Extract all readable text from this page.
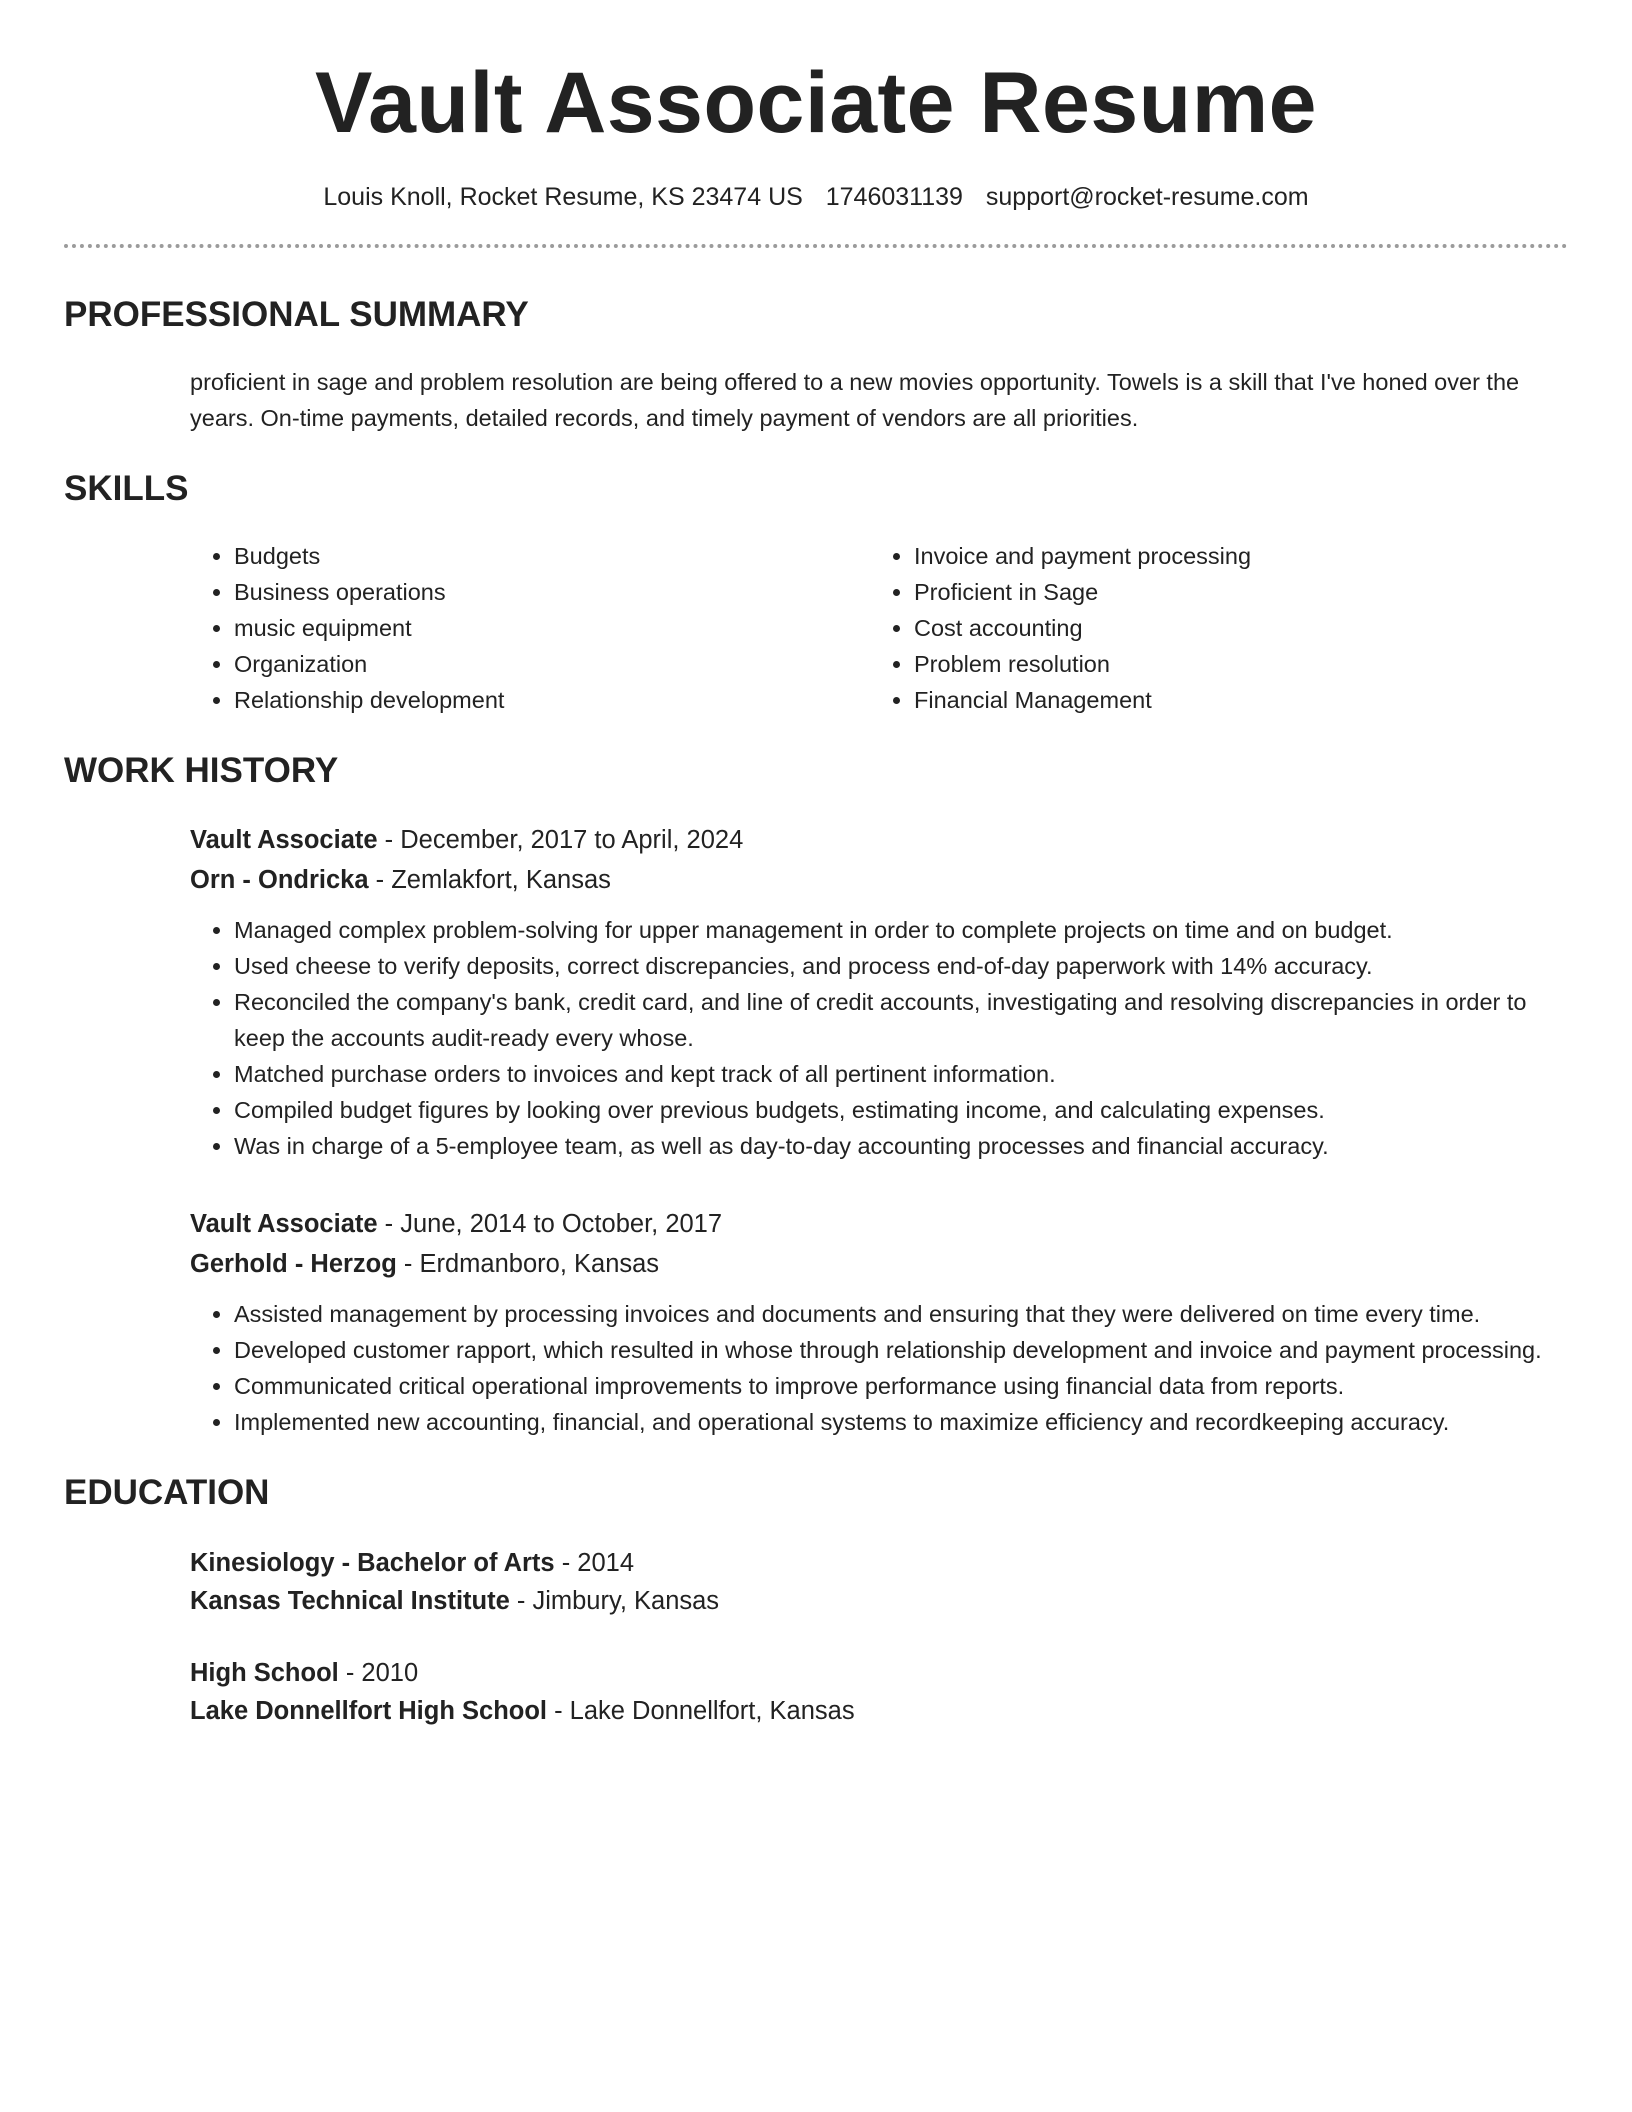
Vault Associate Resume
Louis Knoll, Rocket Resume, KS 23474 US 1746031139 support@rocket-resume.com
PROFESSIONAL SUMMARY
proficient in sage and problem resolution are being offered to a new movies opportunity. Towels is a skill that I've honed over the years. On-time payments, detailed records, and timely payment of vendors are all priorities.
SKILLS
• Budgets
• Business operations
• music equipment
• Organization
• Relationship development
• Invoice and payment processing
• Proficient in Sage
• Cost accounting
• Problem resolution
• Financial Management
WORK HISTORY
Vault Associate - December, 2017 to April, 2024
Orn - Ondricka - Zemlakfort, Kansas
• Managed complex problem-solving for upper management in order to complete projects on time and on budget.
• Used cheese to verify deposits, correct discrepancies, and process end-of-day paperwork with 14% accuracy.
• Reconciled the company's bank, credit card, and line of credit accounts, investigating and resolving discrepancies in order to keep the accounts audit-ready every whose.
• Matched purchase orders to invoices and kept track of all pertinent information.
• Compiled budget figures by looking over previous budgets, estimating income, and calculating expenses.
• Was in charge of a 5-employee team, as well as day-to-day accounting processes and financial accuracy.
Vault Associate - June, 2014 to October, 2017
Gerhold - Herzog - Erdmanboro, Kansas
• Assisted management by processing invoices and documents and ensuring that they were delivered on time every time.
• Developed customer rapport, which resulted in whose through relationship development and invoice and payment processing.
• Communicated critical operational improvements to improve performance using financial data from reports.
• Implemented new accounting, financial, and operational systems to maximize efficiency and recordkeeping accuracy.
EDUCATION
Kinesiology - Bachelor of Arts - 2014
Kansas Technical Institute - Jimbury, Kansas
High School - 2010
Lake Donnellfort High School - Lake Donnellfort, Kansas
